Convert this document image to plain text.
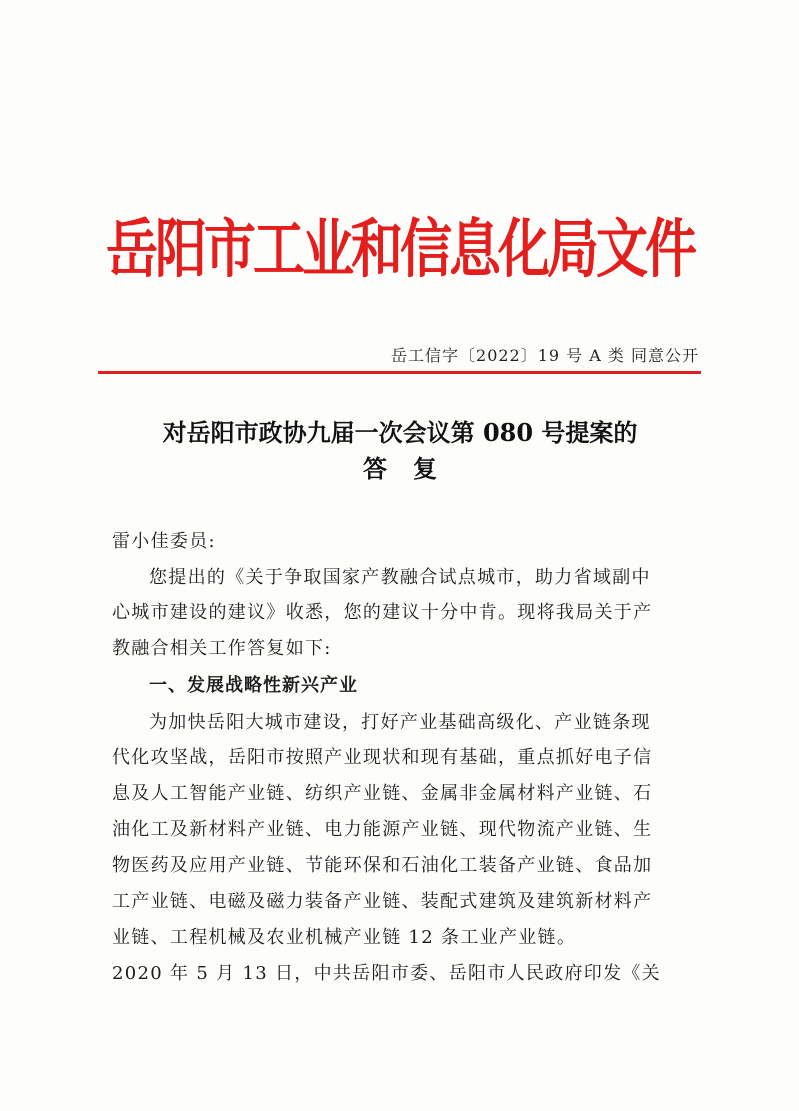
岳阳市工业和信息化局文件
岳工信字〔2022〕19 号 A 类 同意公开
对岳阳市政协九届一次会议第 080 号提案的
答复
雷小佳委员:
您提出的《关于争取国家产教融合试点城市，助力省域副中
心城市建设的建议》收悉，您的建议十分中肯。现将我局关于产
教融合相关工作答复如下:
一、发展战略性新兴产业
为加快岳阳大城市建设，打好产业基础高级化、产业链条现
代化攻坚战，岳阳市按照产业现状和现有基础，重点抓好电子信
息及人工智能产业链、纺织产业链、金属非金属材料产业链、石
油化工及新材料产业链、电力能源产业链、现代物流产业链、生
物医药及应用产业链、节能环保和石油化工装备产业链、食品加
工产业链、电磁及磁力装备产业链、装配式建筑及建筑新材料产
业链、工程机械及农业机械产业链 12 条工业产业链。
2020 年 5 月 13 日，中共岳阳市委、岳阳市人民政府印发《关
